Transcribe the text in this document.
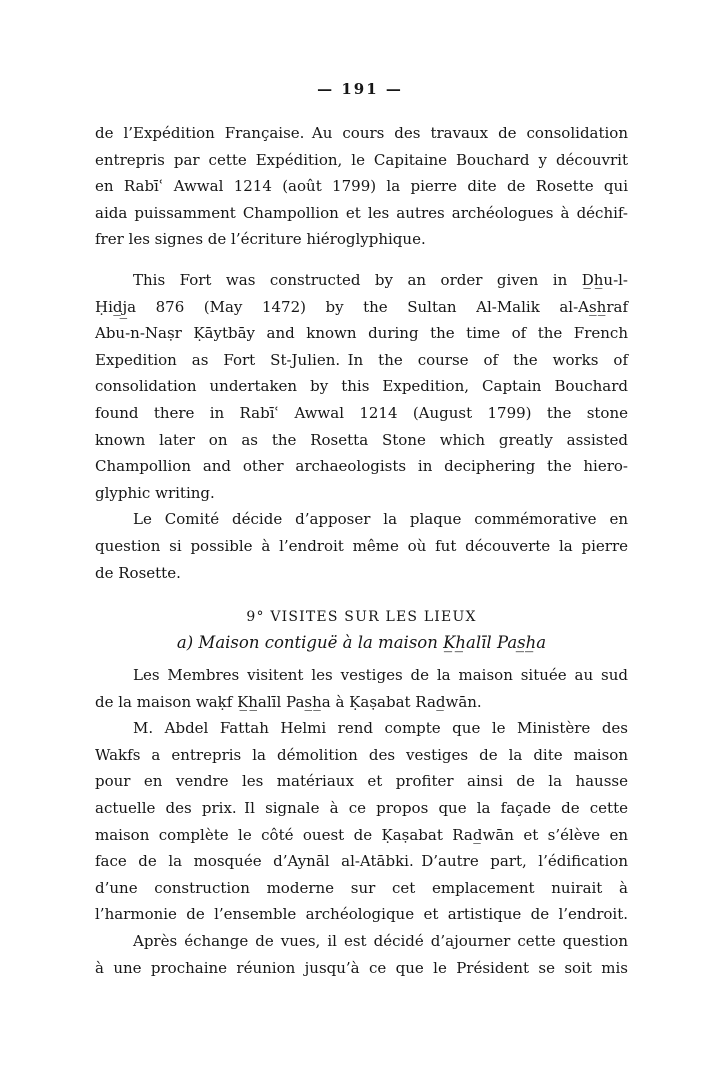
— 191 —
de l’Expédition Française. Au cours des travaux de consolidation
entrepris par cette Expédition, le Capitaine Bouchard y découvrit
en Rabīʿ Awwal 1214 (août 1799) la pierre dite de Rosette qui
aida puissamment Champollion et les autres archéologues à déchif-
frer les signes de l’écriture hiéroglyphique.
This Fort was constructed by an order given in D̲h̲u-l-
Ḥid̲j̲a 876 (May 1472) by the Sultan Al-Malik al-As̲h̲raf
Abu-n-Naṣr Ḳāytbāy and known during the time of the French
Expedition as Fort St-Julien. In the course of the works of
consolidation undertaken by this Expedition, Captain Bouchard
found there in Rabīʿ Awwal 1214 (August 1799) the stone
known later on as the Rosetta Stone which greatly assisted
Champollion and other archaeologists in deciphering the hiero-
glyphic writing.
Le Comité décide d’apposer la plaque commémorative en
question si possible à l’endroit même où fut découverte la pierre
de Rosette.
9° VISITES SUR LES LIEUX
a) Maison contiguë à la maison K̲h̲alīl Pas̲h̲a
Les Membres visitent les vestiges de la maison située au sud
de la maison waḳf K̲h̲alīl Pas̲h̲a à Ḳaṣabat Rad̲wān.
M. Abdel Fattah Helmi rend compte que le Ministère des
Wakfs a entrepris la démolition des vestiges de la dite maison
pour en vendre les matériaux et profiter ainsi de la hausse
actuelle des prix. Il signale à ce propos que la façade de cette
maison complète le côté ouest de Ḳaṣabat Rad̲wān et s’élève en
face de la mosquée d’Aynāl al-Atābki. D’autre part, l’édification
d’une construction moderne sur cet emplacement nuirait à
l’harmonie de l’ensemble archéologique et artistique de l’endroit.
Après échange de vues, il est décidé d’ajourner cette question
à une prochaine réunion jusqu’à ce que le Président se soit mis
